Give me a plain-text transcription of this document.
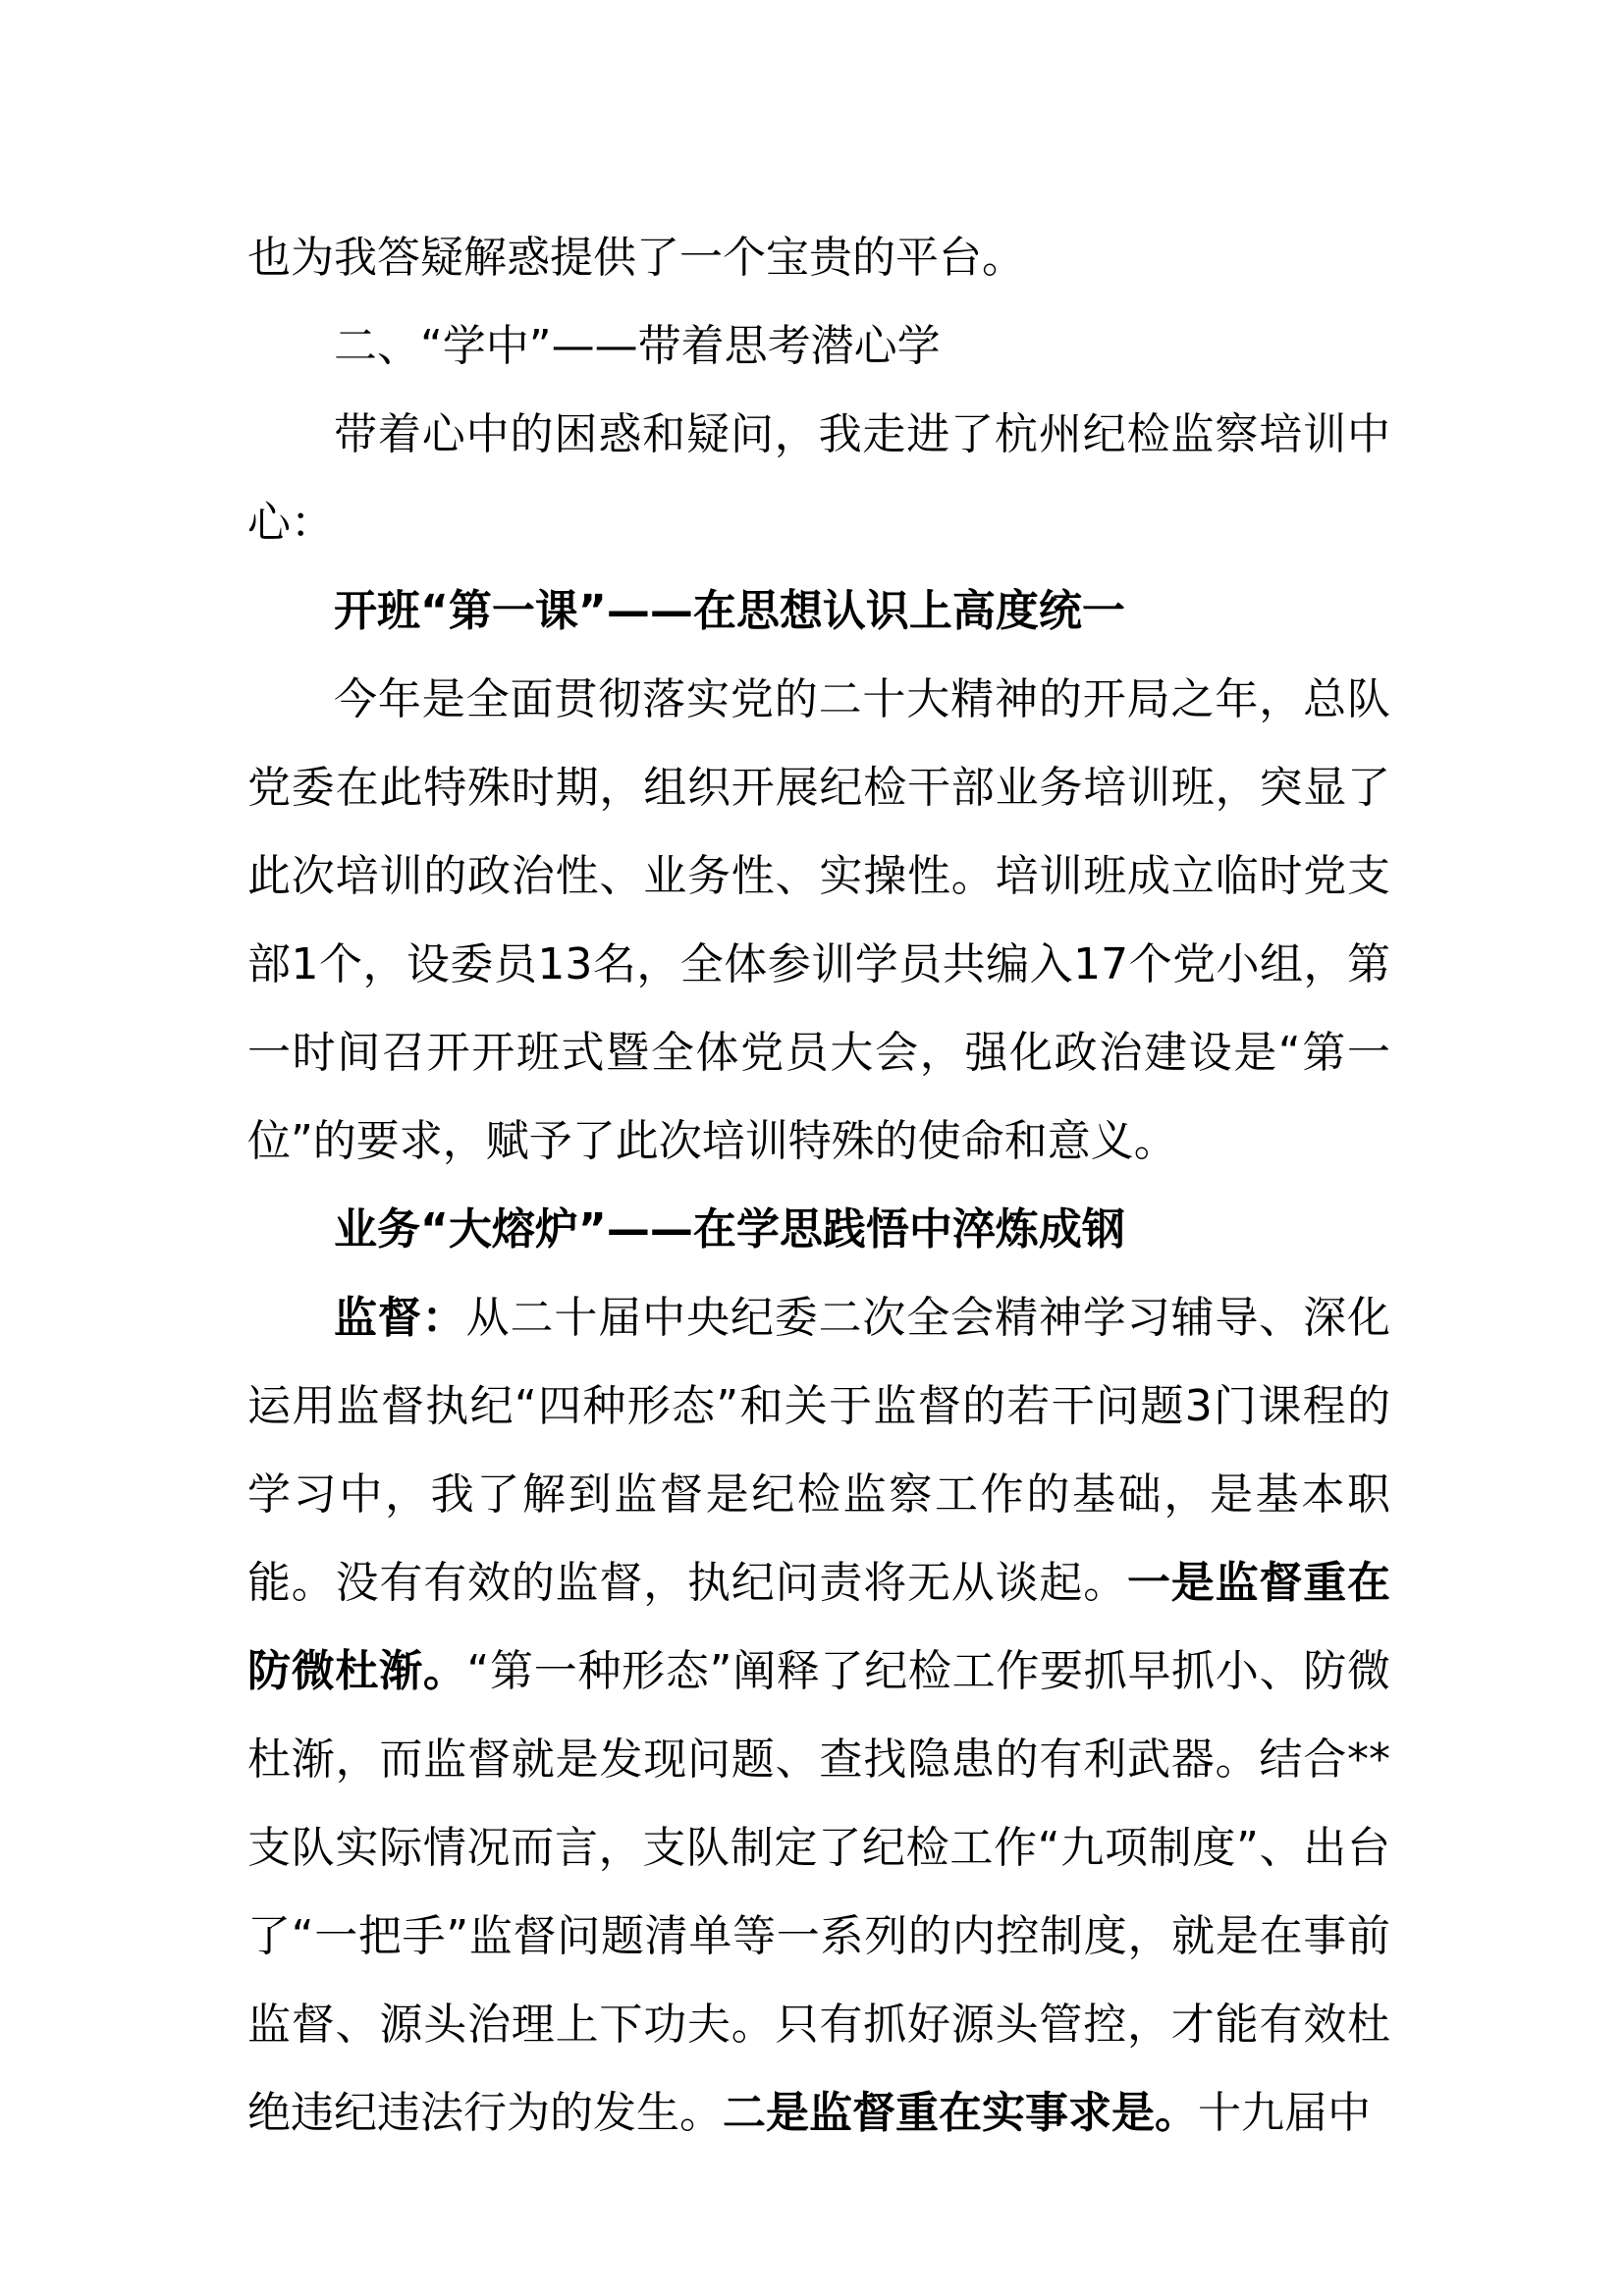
也为我答疑解惑提供了一个宝贵的平台。

二、“学中”——带着思考潜心学

带着心中的困惑和疑问，我走进了杭州纪检监察培训中心：

开班“第一课”——在思想认识上高度统一

今年是全面贯彻落实党的二十大精神的开局之年，总队党委在此特殊时期，组织开展纪检干部业务培训班，突显了此次培训的政治性、业务性、实操性。培训班成立临时党支部1个，设委员13名，全体参训学员共编入17个党小组，第一时间召开开班式暨全体党员大会，强化政治建设是“第一位”的要求，赋予了此次培训特殊的使命和意义。

业务“大熔炉”——在学思践悟中淬炼成钢

监督：从二十届中央纪委二次全会精神学习辅导、深化运用监督执纪“四种形态”和关于监督的若干问题3门课程的学习中，我了解到监督是纪检监察工作的基础，是基本职能。没有有效的监督，执纪问责将无从谈起。一是监督重在防微杜渐。“第一种形态”阐释了纪检工作要抓早抓小、防微杜渐，而监督就是发现问题、查找隐患的有利武器。结合**支队实际情况而言，支队制定了纪检工作“九项制度”、出台了“一把手”监督问题清单等一系列的内控制度，就是在事前监督、源头治理上下功夫。只有抓好源头管控，才能有效杜绝违纪违法行为的发生。二是监督重在实事求是。十九届中
